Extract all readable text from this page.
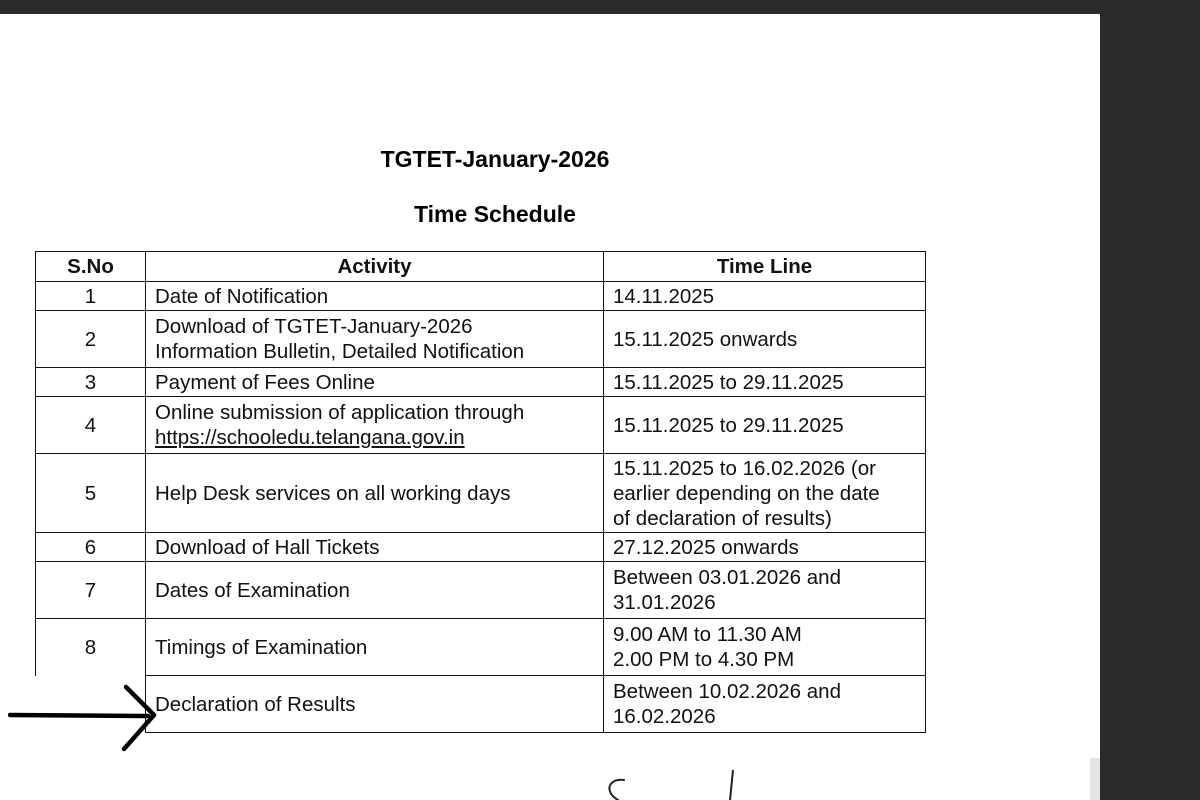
TGTET-January-2026
Time Schedule
S.No	Activity	Time Line
1	Date of Notification	14.11.2025
2	Download of TGTET-January-2026
Information Bulletin, Detailed Notification	15.11.2025 onwards
3	Payment of Fees Online	15.11.2025 to 29.11.2025
4	Online submission of application through
https://schooledu.telangana.gov.in	15.11.2025 to 29.11.2025
5	Help Desk services on all working days	15.11.2025 to 16.02.2026 (or
earlier depending on the date
of declaration of results)

6	Download of Hall Tickets	27.12.2025 onwards
7	Dates of Examination	Between 03.01.2026 and
31.01.2026

8	Timings of Examination	9.00 AM to 11.30 AM
2.00 PM to 4.30 PM

	Declaration of Results	Between 10.02.2026 and
16.02.2026
